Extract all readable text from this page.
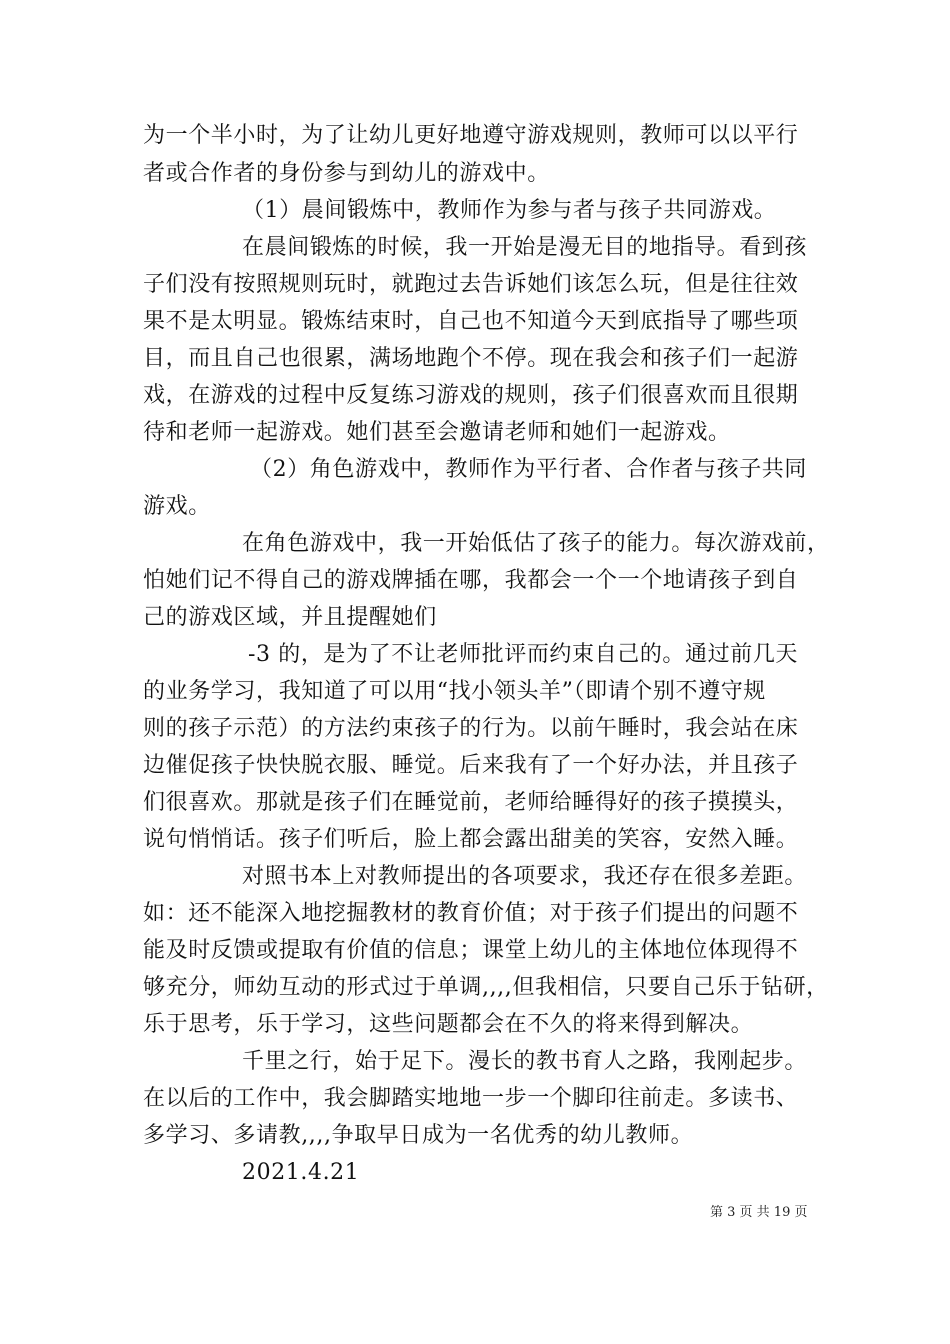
为一个半小时，为了让幼儿更好地遵守游戏规则，教师可以以平行
者或合作者的身份参与到幼儿的游戏中。
（1）晨间锻炼中，教师作为参与者与孩子共同游戏。
在晨间锻炼的时候，我一开始是漫无目的地指导。看到孩
子们没有按照规则玩时，就跑过去告诉她们该怎么玩，但是往往效
果不是太明显。锻炼结束时，自己也不知道今天到底指导了哪些项
目，而且自己也很累，满场地跑个不停。现在我会和孩子们一起游
戏，在游戏的过程中反复练习游戏的规则，孩子们很喜欢而且很期
待和老师一起游戏。她们甚至会邀请老师和她们一起游戏。
（2）角色游戏中，教师作为平行者、合作者与孩子共同
游戏。
在角色游戏中，我一开始低估了孩子的能力。每次游戏前，
怕她们记不得自己的游戏牌插在哪，我都会一个一个地请孩子到自
己的游戏区域，并且提醒她们
-3 的，是为了不让老师批评而约束自己的。通过前几天
的业务学习，我知道了可以用“找小领头羊”（即请个别不遵守规
则的孩子示范）的方法约束孩子的行为。以前午睡时，我会站在床
边催促孩子快快脱衣服、睡觉。后来我有了一个好办法，并且孩子
们很喜欢。那就是孩子们在睡觉前，老师给睡得好的孩子摸摸头，
说句悄悄话。孩子们听后，脸上都会露出甜美的笑容，安然入睡。
对照书本上对教师提出的各项要求，我还存在很多差距。
如：还不能深入地挖掘教材的教育价值；对于孩子们提出的问题不
能及时反馈或提取有价值的信息；课堂上幼儿的主体地位体现得不
够充分，师幼互动的形式过于单调,,,,但我相信，只要自己乐于钻研，
乐于思考，乐于学习，这些问题都会在不久的将来得到解决。
千里之行，始于足下。漫长的教书育人之路，我刚起步。
在以后的工作中，我会脚踏实地地一步一个脚印往前走。多读书、
多学习、多请教,,,,争取早日成为一名优秀的幼儿教师。
2021.4.21
第 3 页 共 19 页
